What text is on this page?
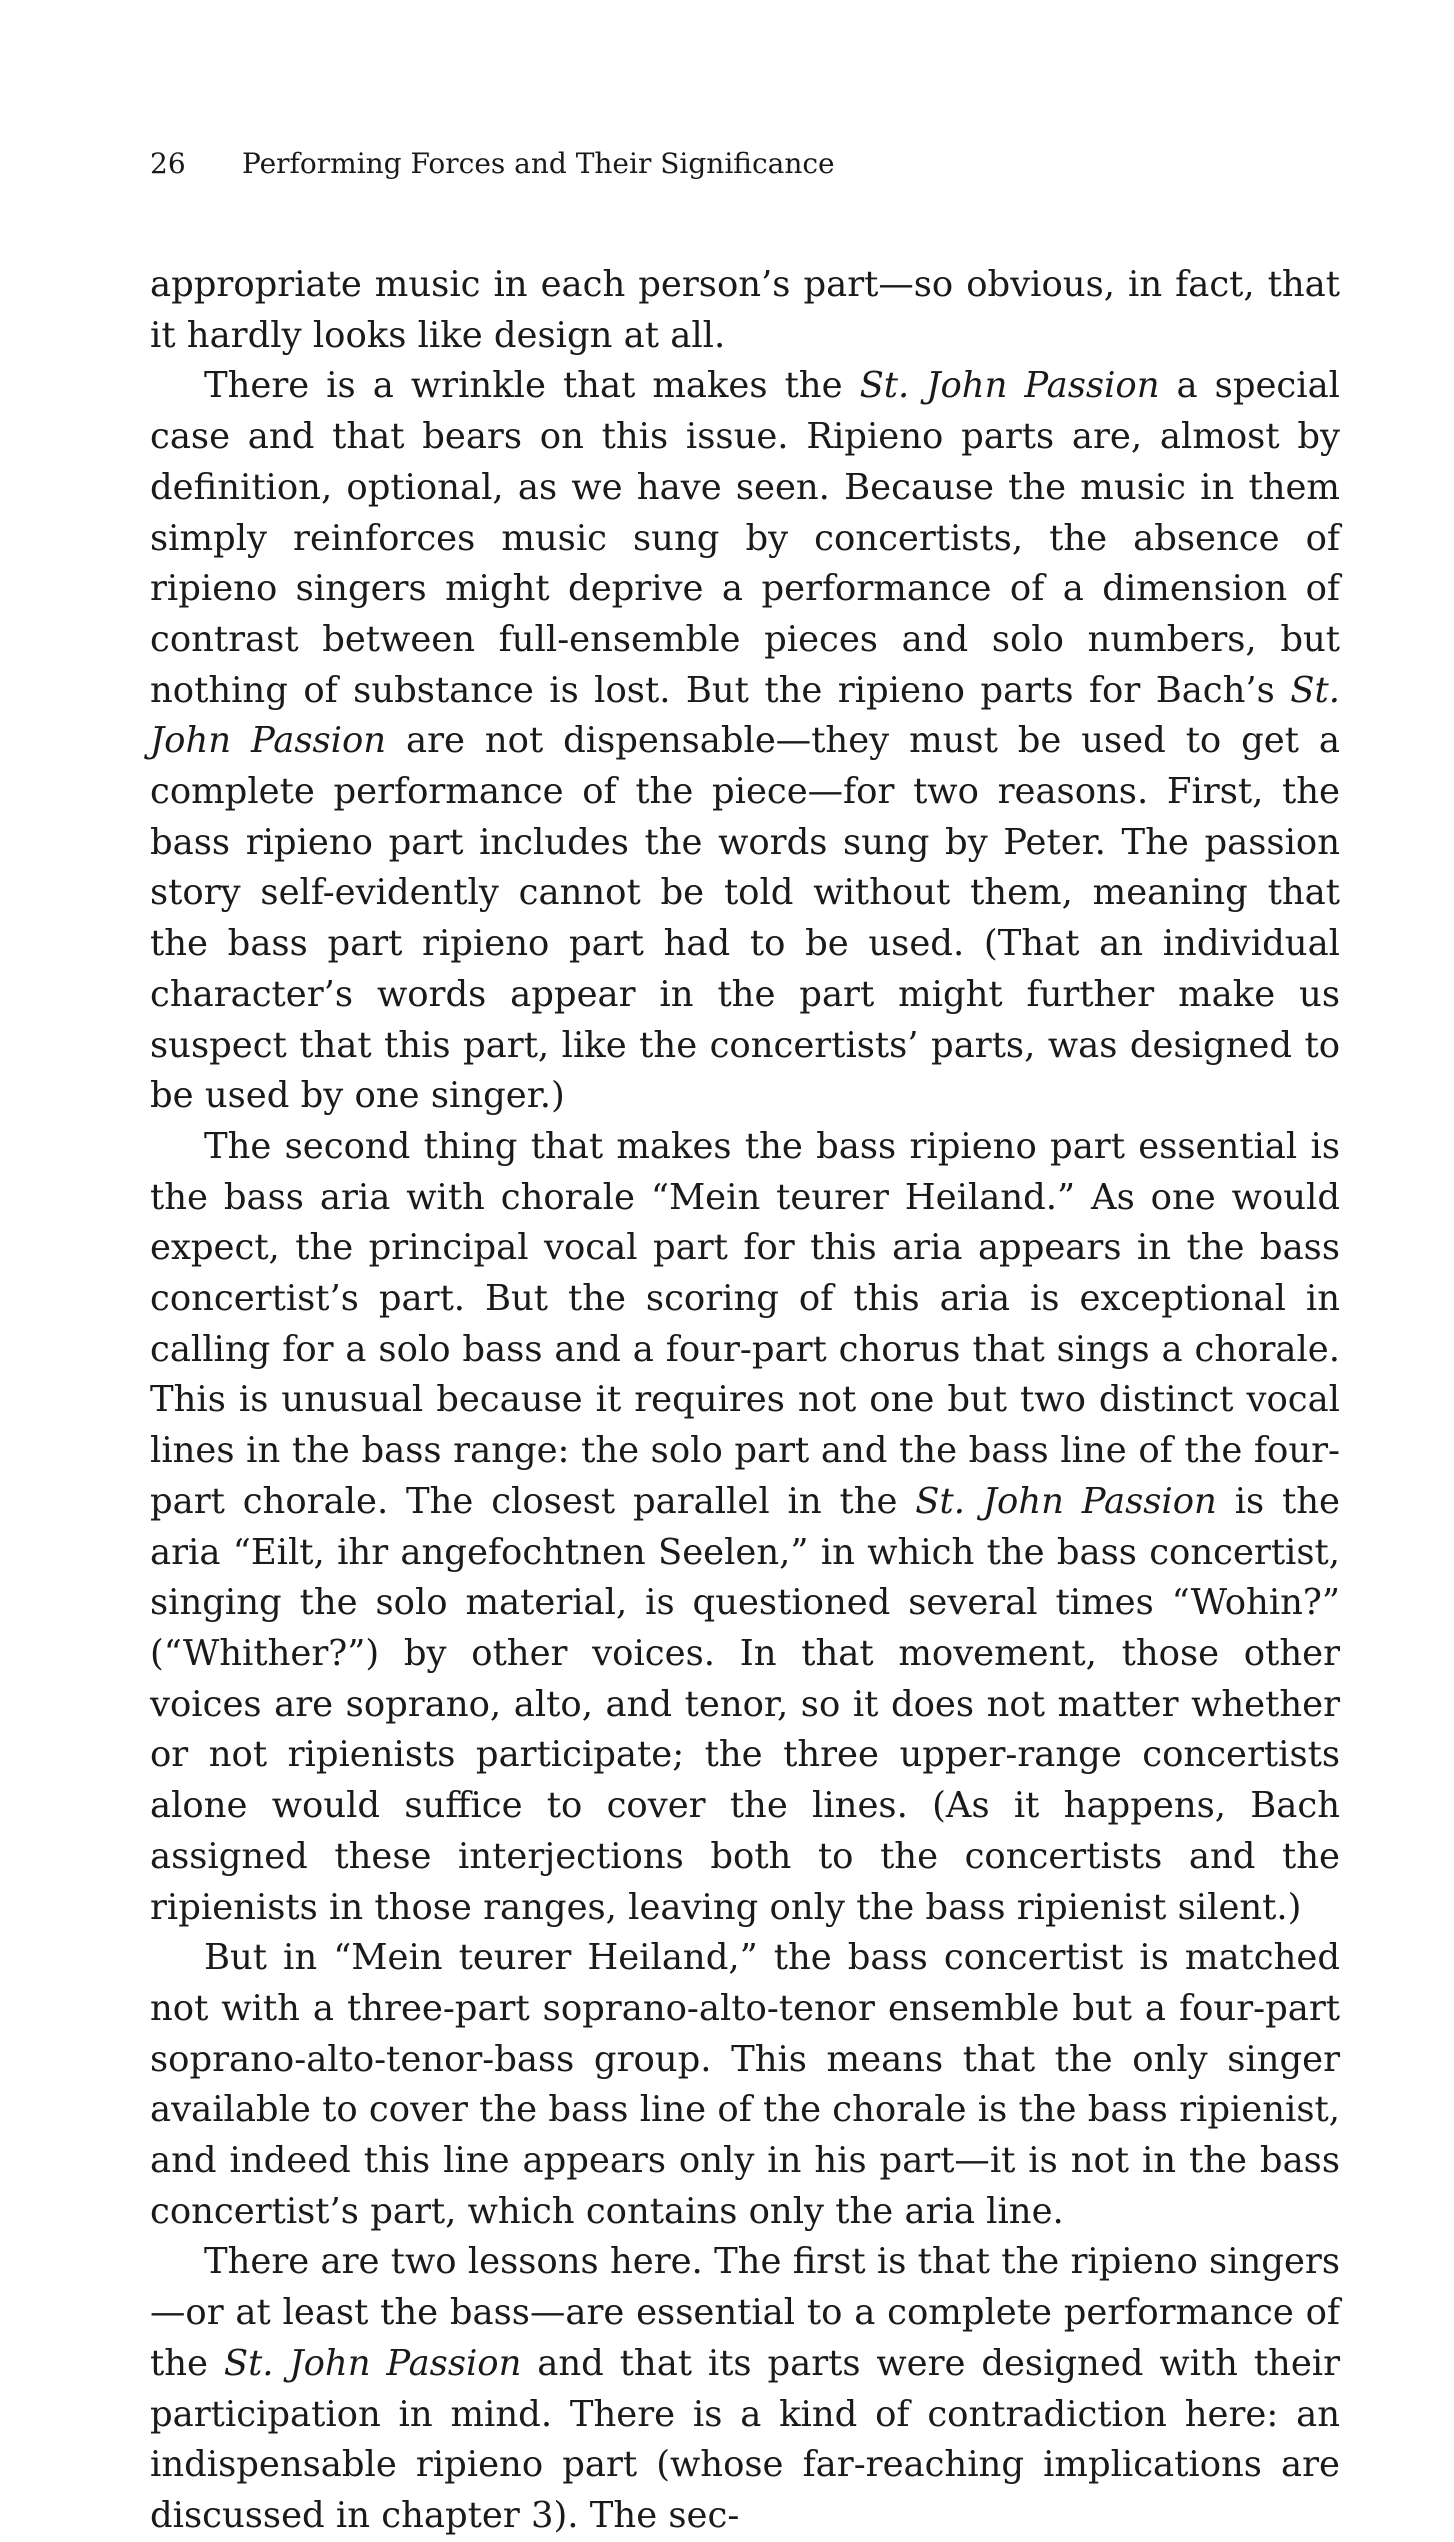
26 Performing Forces and Their Significance

appropriate music in each person’s part—so obvious, in fact, that it hardly looks like design at all.

There is a wrinkle that makes the St. John Passion a special case and that bears on this issue. Ripieno parts are, almost by definition, optional, as we have seen. Because the music in them simply reinforces music sung by concertists, the absence of ripieno singers might deprive a performance of a dimension of contrast between full-ensemble pieces and solo numbers, but nothing of substance is lost. But the ripieno parts for Bach’s St. John Passion are not dispensable—they must be used to get a complete performance of the piece—for two reasons. First, the bass ripieno part includes the words sung by Peter. The passion story self-evidently cannot be told without them, meaning that the bass part ripieno part had to be used. (That an individual character’s words appear in the part might further make us suspect that this part, like the concertists’ parts, was designed to be used by one singer.)

The second thing that makes the bass ripieno part essential is the bass aria with chorale “Mein teurer Heiland.” As one would expect, the principal vocal part for this aria appears in the bass concertist’s part. But the scoring of this aria is exceptional in calling for a solo bass and a four-part chorus that sings a chorale. This is unusual because it requires not one but two distinct vocal lines in the bass range: the solo part and the bass line of the four-part chorale. The closest parallel in the St. John Passion is the aria “Eilt, ihr angefochtnen Seelen,” in which the bass concertist, singing the solo material, is questioned several times “Wohin?” (“Whither?”) by other voices. In that movement, those other voices are soprano, alto, and tenor, so it does not matter whether or not ripienists participate; the three upper-range concertists alone would suffice to cover the lines. (As it happens, Bach assigned these interjections both to the concertists and the ripienists in those ranges, leaving only the bass ripienist silent.)

But in “Mein teurer Heiland,” the bass concertist is matched not with a three-part soprano-alto-tenor ensemble but a four-part soprano-alto-tenor-bass group. This means that the only singer available to cover the bass line of the chorale is the bass ripienist, and indeed this line appears only in his part—it is not in the bass concertist’s part, which contains only the aria line.

There are two lessons here. The first is that the ripieno singers—or at least the bass—are essential to a complete performance of the St. John Passion and that its parts were designed with their participation in mind. There is a kind of contradiction here: an indispensable ripieno part (whose far-reaching implications are discussed in chapter 3). The sec-
